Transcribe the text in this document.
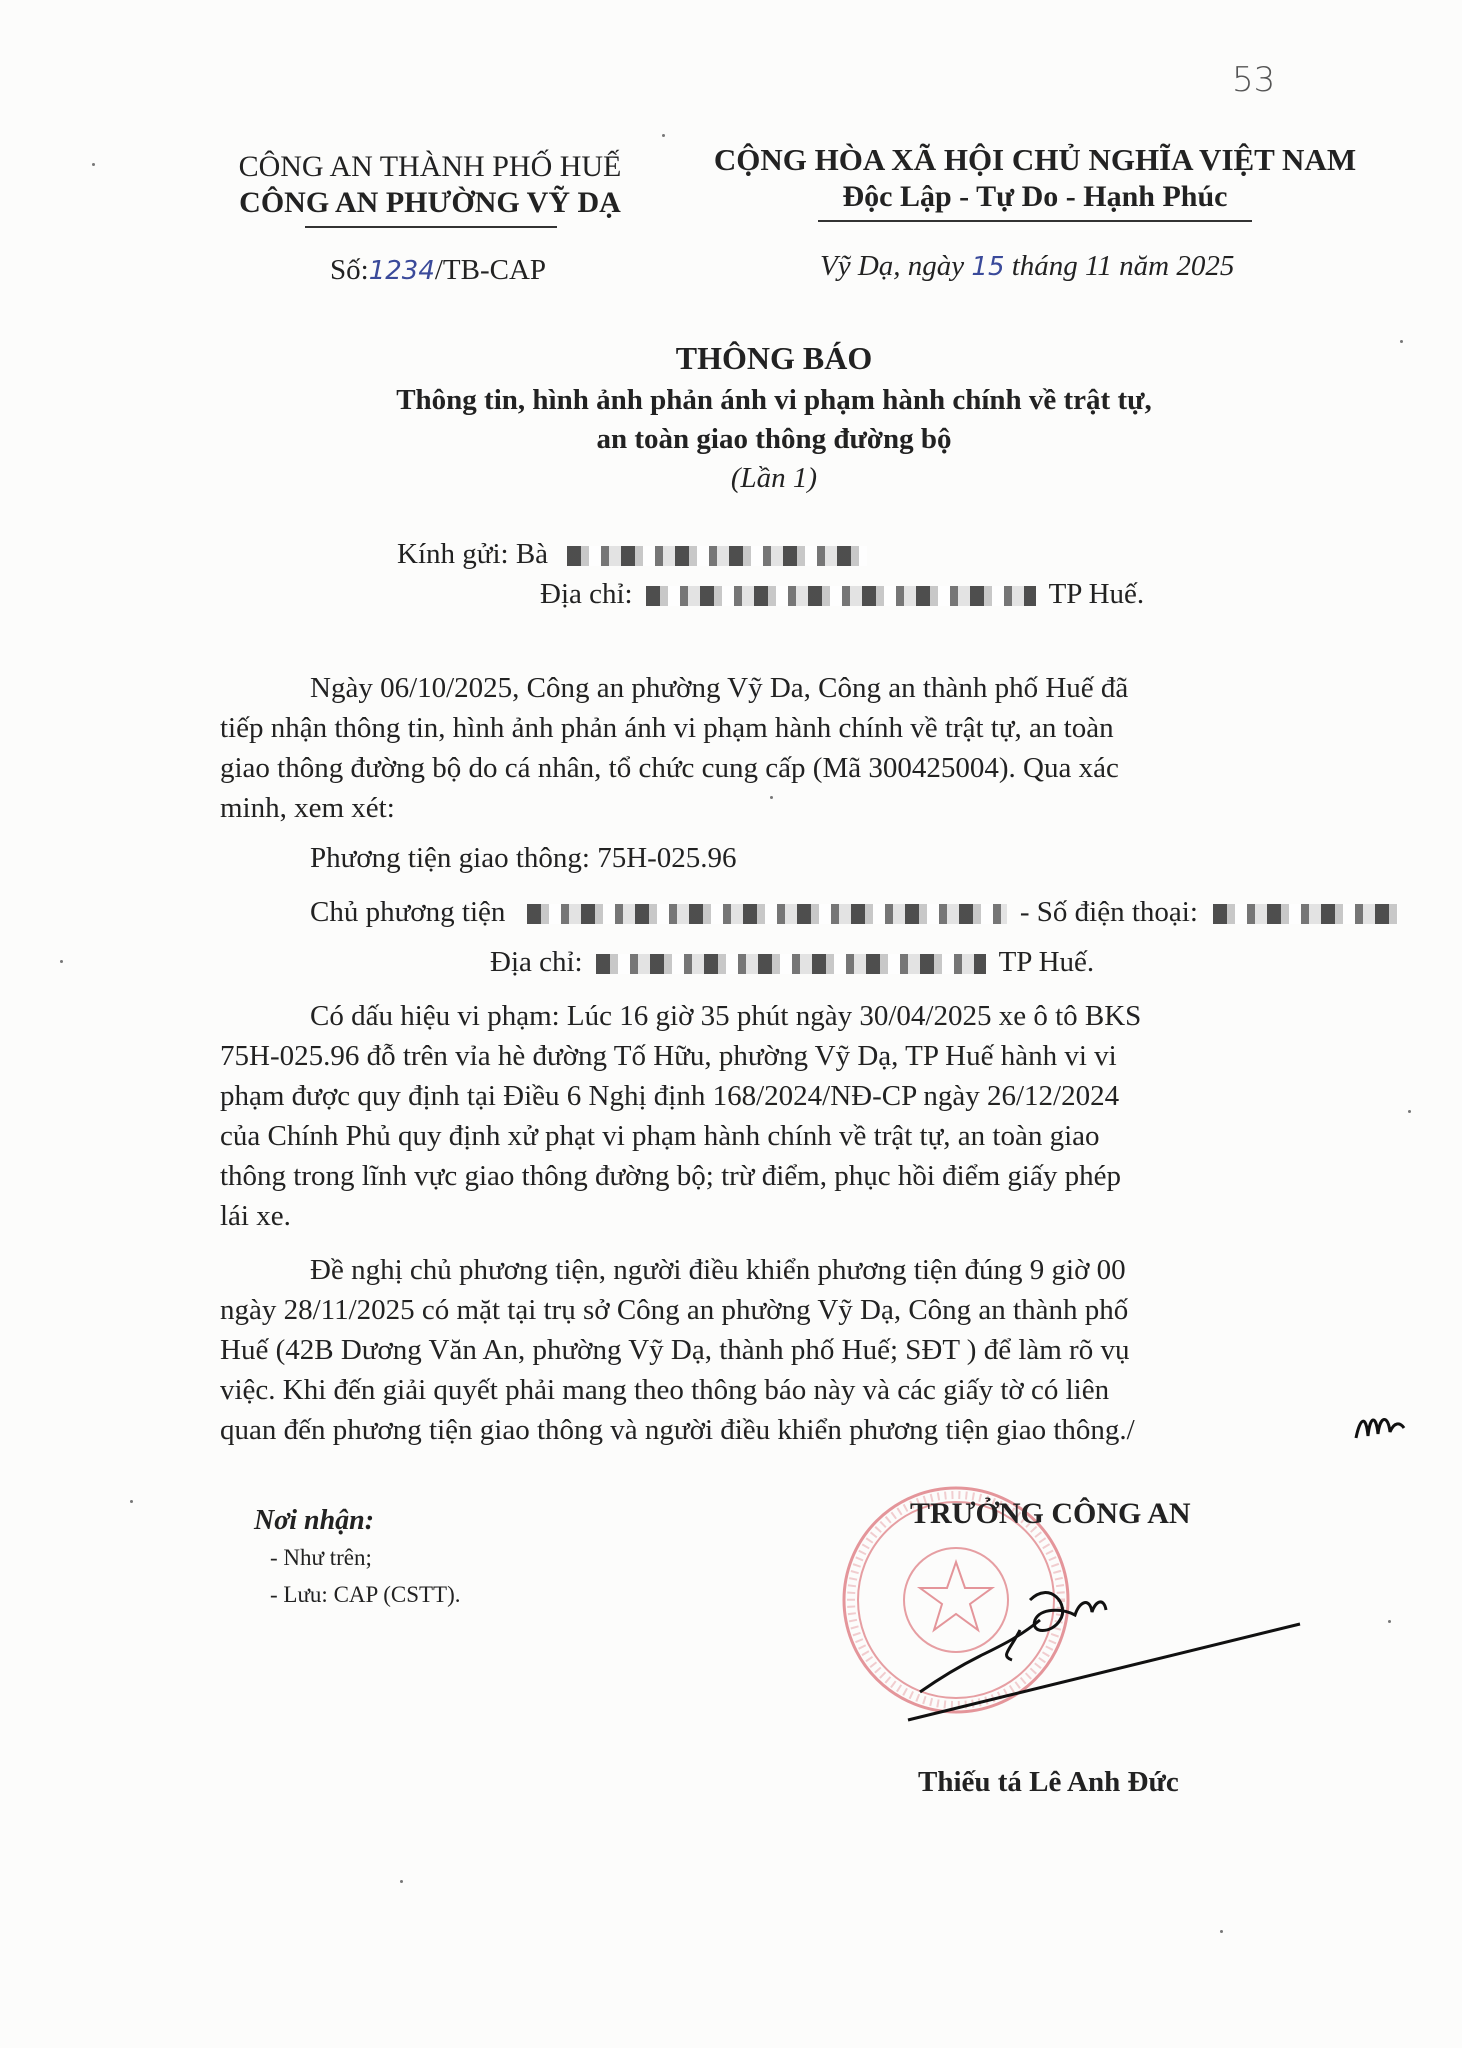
53
CÔNG AN THÀNH PHỐ HUẾ
CÔNG AN PHƯỜNG VỸ DẠ
CỘNG HÒA XÃ HỘI CHỦ NGHĨA VIỆT NAM
Độc Lập - Tự Do - Hạnh Phúc
Số:1234/TB-CAP	Vỹ Dạ, ngày 15 tháng 11 năm 2025
THÔNG BÁO
Thông tin, hình ảnh phản ánh vi phạm hành chính về trật tự,
an toàn giao thông đường bộ
(Lần 1)
Kính gửi: Bà
Địa chỉ:	TP Huế.
Ngày 06/10/2025, Công an phường Vỹ Da, Công an thành phố Huế đã
tiếp nhận thông tin, hình ảnh phản ánh vi phạm hành chính về trật tự, an toàn
giao thông đường bộ do cá nhân, tổ chức cung cấp (Mã 300425004). Qua xác
minh, xem xét:
Phương tiện giao thông: 75H-025.96
Chủ phương tiện	- Số điện thoại:
Địa chỉ:	TP Huế.
Có dấu hiệu vi phạm: Lúc 16 giờ 35 phút ngày 30/04/2025 xe ô tô BKS
75H-025.96 đỗ trên vỉa hè đường Tố Hữu, phường Vỹ Dạ, TP Huế hành vi vi
phạm được quy định tại Điều 6 Nghị định 168/2024/NĐ-CP ngày 26/12/2024
của Chính Phủ quy định xử phạt vi phạm hành chính về trật tự, an toàn giao
thông trong lĩnh vực giao thông đường bộ; trừ điểm, phục hồi điểm giấy phép
lái xe.
Đề nghị chủ phương tiện, người điều khiển phương tiện đúng 9 giờ 00
ngày 28/11/2025 có mặt tại trụ sở Công an phường Vỹ Dạ, Công an thành phố
Huế (42B Dương Văn An, phường Vỹ Dạ, thành phố Huế; SĐT ) để làm rõ vụ
việc. Khi đến giải quyết phải mang theo thông báo này và các giấy tờ có liên
quan đến phương tiện giao thông và người điều khiển phương tiện giao thông./
Nơi nhận:
- Như trên;
- Lưu: CAP (CSTT).
TRƯỞNG CÔNG AN
Thiếu tá Lê Anh Đức
